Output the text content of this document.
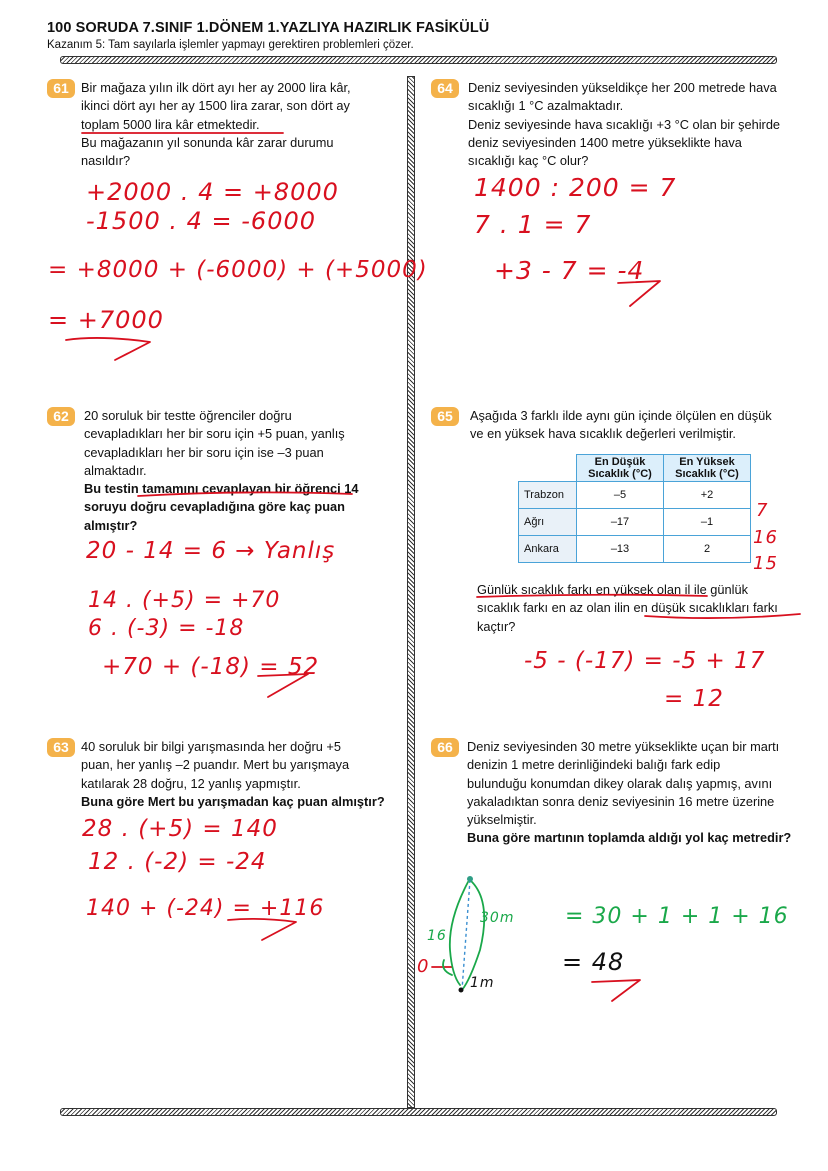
100 SORUDA 7.SINIF 1.DÖNEM 1.YAZLIYA HAZIRLIK FASİKÜLÜ
Kazanım 5: Tam sayılarla işlemler yapmayı gerektiren problemleri çözer.
61 Bir mağaza yılın ilk dört ayı her ay 2000 lira kâr,

ikinci dört ayı her ay 1500 lira zarar, son dört ay

toplam 5000 lira kâr etmektedir.

Bu mağazanın yıl sonunda kâr zarar durumu

nasıldır?

+2000 . 4 = +8000
-1500 . 4 = -6000
= +8000 + (-6000) + (+5000)
= +7000
62	20 soruluk bir testte öğrenciler doğru

cevapladıkları her bir soru için +5 puan, yanlış

cevapladıkları her bir soru için ise –3 puan

almaktadır.

Bu testin tamamını cevaplayan bir öğrenci 14

soruyu doğru cevapladığına göre kaç puan

almıştır?

20 - 14 = 6 → Yanlış
14 . (+5) = +70
6 . (-3) = -18
+70 + (-18) = 52
63 40 soruluk bir bilgi yarışmasında her doğru +5

puan, her yanlış –2 puandır. Mert bu yarışmaya

katılarak 28 doğru, 12 yanlış yapmıştır.

Buna göre Mert bu yarışmadan kaç puan almıştır?

28 . (+5) = 140
12 . (-2) = -24
140 + (-24) = +116
64	Deniz seviyesinden yükseldikçe her 200 metrede hava

sıcaklığı 1 °C azalmaktadır.

Deniz seviyesinde hava sıcaklığı +3 °C olan bir şehirde

deniz seviyesinden 1400 metre yükseklikte hava

sıcaklığı kaç °C olur?

1400 : 200 = 7
7 . 1 = 7
+3 - 7 = -4
65	Aşağıda 3 farklı ilde aynı gün içinde ölçülen en düşük

ve en yüksek hava sıcaklık değerleri verilmiştir.

	En Düşük Sıcaklık (°C)	En Yüksek Sıcaklık (°C)
Trabzon	–5	+2
Ağrı	–17	–1
Ankara	–13	2
7
16
15

Günlük sıcaklık farkı en yüksek olan il ile günlük

sıcaklık farkı en az olan ilin en düşük sıcaklıkları farkı

kaçtır?

-5 - (-17) = -5 + 17
= 12
66	Deniz seviyesinden 30 metre yükseklikte uçan bir martı

denizin 1 metre derinliğindeki balığı fark edip

bulunduğu konumdan dikey olarak dalış yapmış, avını

yakaladıktan sonra deniz seviyesinin 16 metre üzerine

yükselmiştir.

Buna göre martının toplamda aldığı yol kaç metredir?

16
30m
0
1m
= 30 + 1 + 1 + 16
= 48
